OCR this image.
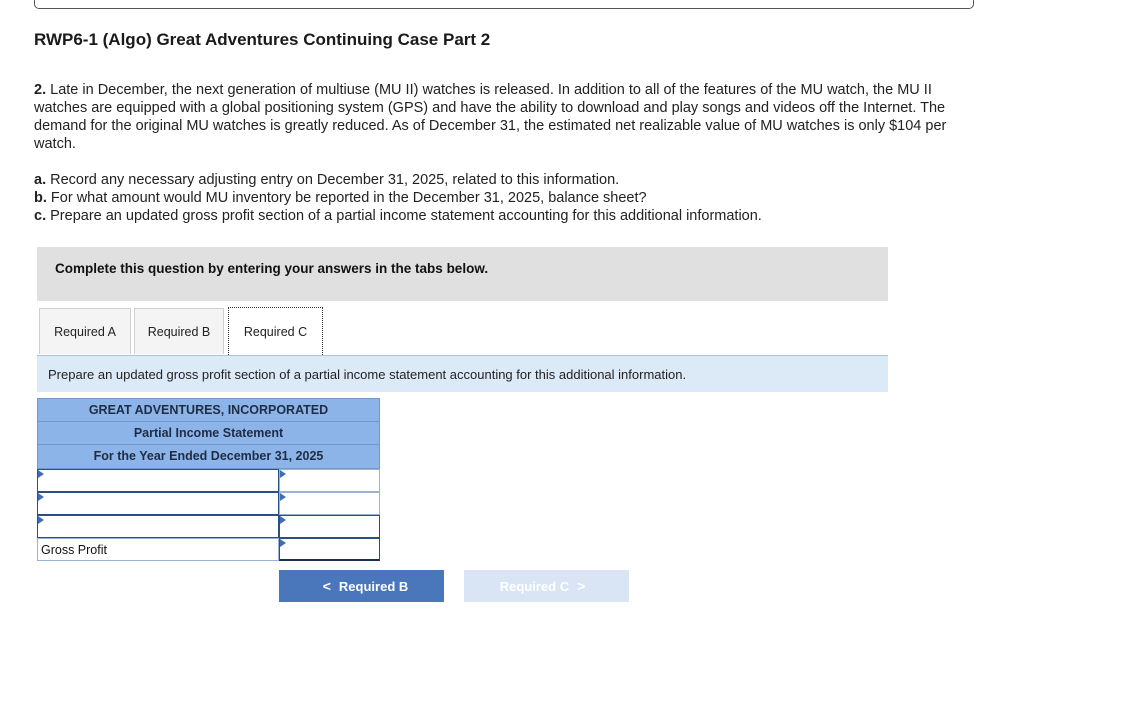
RWP6-1 (Algo) Great Adventures Continuing Case Part 2
2. Late in December, the next generation of multiuse (MU II) watches is released. In addition to all of the features of the MU watch, the MU II watches are equipped with a global positioning system (GPS) and have the ability to download and play songs and videos off the Internet. The demand for the original MU watches is greatly reduced. As of December 31, the estimated net realizable value of MU watches is only $104 per watch.
a. Record any necessary adjusting entry on December 31, 2025, related to this information.
b. For what amount would MU inventory be reported in the December 31, 2025, balance sheet?
c. Prepare an updated gross profit section of a partial income statement accounting for this additional information.
Complete this question by entering your answers in the tabs below.
Required A	Required B	Required C
Prepare an updated gross profit section of a partial income statement accounting for this additional information.
GREAT ADVENTURES, INCORPORATED
Partial Income Statement
For the Year Ended December 31, 2025
Gross Profit
< Required B	Required C >
